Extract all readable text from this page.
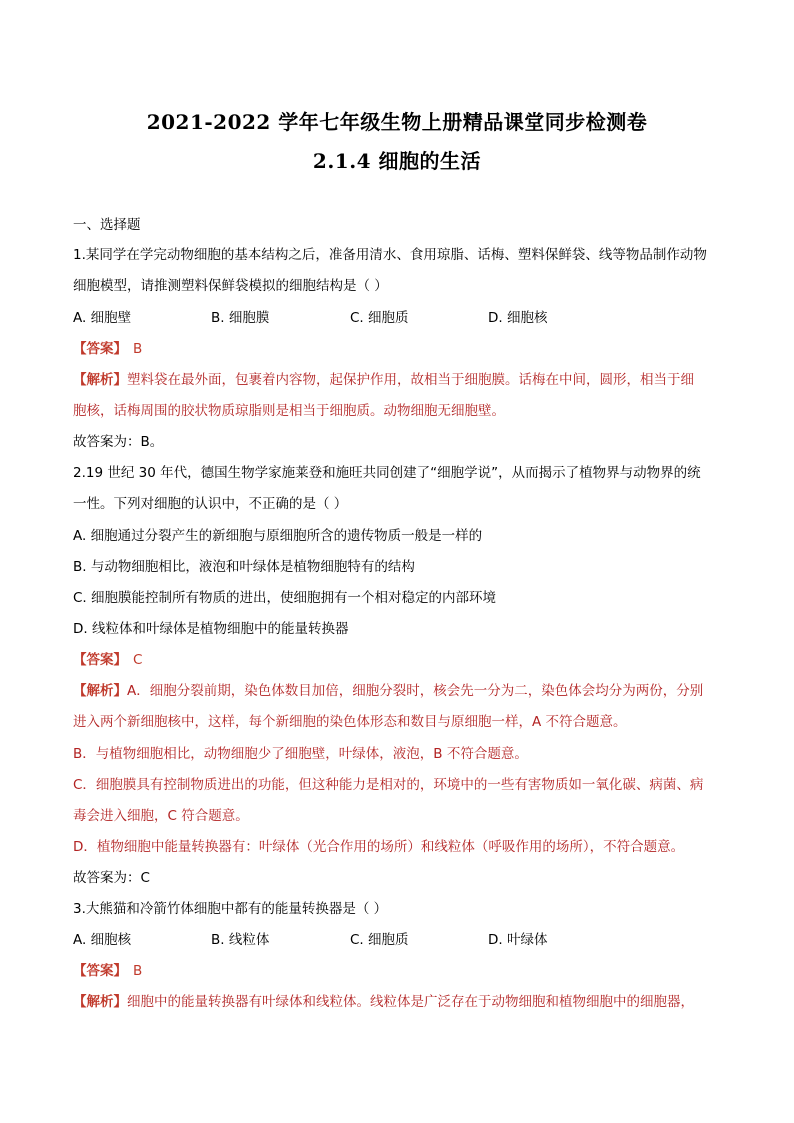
2021-2022 学年七年级生物上册精品课堂同步检测卷
2.1.4 细胞的生活
一、选择题
1.某同学在学完动物细胞的基本结构之后，准备用清水、食用琼脂、话梅、塑料保鲜袋、线等物品制作动物
细胞模型，请推测塑料保鲜袋模拟的细胞结构是（ ）
A. 细胞壁	B. 细胞膜	C. 细胞质	D. 细胞核
【答案】 B
【解析】塑料袋在最外面，包裹着内容物，起保护作用，故相当于细胞膜。话梅在中间，圆形，相当于细
胞核，话梅周围的胶状物质琼脂则是相当于细胞质。动物细胞无细胞壁。
故答案为：B。
2.19 世纪 30 年代，德国生物学家施莱登和施旺共同创建了“细胞学说”，从而揭示了植物界与动物界的统
一性。下列对细胞的认识中，不正确的是（ ）
A. 细胞通过分裂产生的新细胞与原细胞所含的遗传物质一般是一样的
B. 与动物细胞相比，液泡和叶绿体是植物细胞特有的结构
C. 细胞膜能控制所有物质的进出，使细胞拥有一个相对稳定的内部环境
D. 线粒体和叶绿体是植物细胞中的能量转换器
【答案】 C
【解析】A．细胞分裂前期，染色体数目加倍，细胞分裂时，核会先一分为二，染色体会均分为两份，分别
进入两个新细胞核中，这样，每个新细胞的染色体形态和数目与原细胞一样，A 不符合题意。
B．与植物细胞相比，动物细胞少了细胞壁，叶绿体，液泡，B 不符合题意。
C．细胞膜具有控制物质进出的功能，但这种能力是相对的，环境中的一些有害物质如一氧化碳、病菌、病
毒会进入细胞，C 符合题意。
D．植物细胞中能量转换器有：叶绿体（光合作用的场所）和线粒体（呼吸作用的场所），不符合题意。
故答案为：C
3.大熊猫和冷箭竹体细胞中都有的能量转换器是（ ）
A. 细胞核	B. 线粒体	C. 细胞质	D. 叶绿体
【答案】 B
【解析】细胞中的能量转换器有叶绿体和线粒体。线粒体是广泛存在于动物细胞和植物细胞中的细胞器，
